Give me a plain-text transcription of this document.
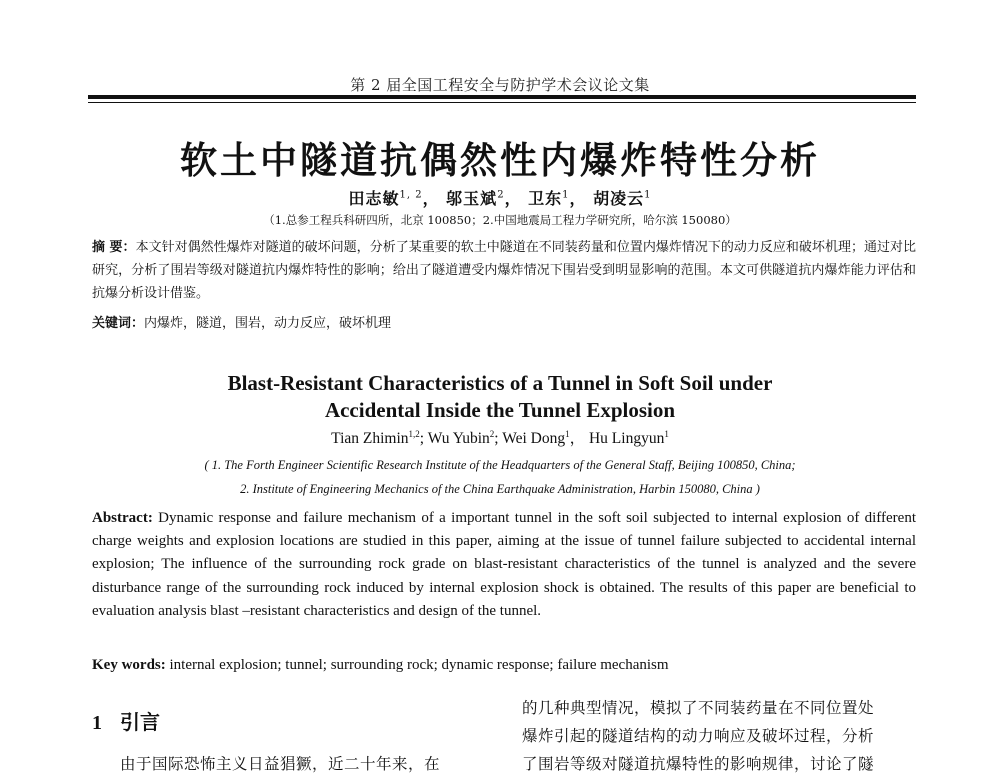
第 2 届全国工程安全与防护学术会议论文集
软土中隧道抗偶然性内爆炸特性分析
田志敏$^{1, 2}$， 邬玉斌$^2$， 卫东$^1$， 胡凌云$^1$
（1.总参工程兵科研四所，北京 100850；2.中国地震局工程力学研究所，哈尔滨 150080）
摘 要：本文针对偶然性爆炸对隧道的破坏问题，分析了某重要的软土中隧道在不同装药量和位置内爆炸情况下的动力反应和破坏机理；通过对比研究，分析了围岩等级对隧道抗内爆炸特性的影响；给出了隧道遭受内爆炸情况下围岩受到明显影响的范围。本文可供隧道抗内爆炸能力评估和抗爆分析设计借鉴。
关键词：内爆炸，隧道，围岩，动力反应，破坏机理
Blast-Resistant Characteristics of a Tunnel in Soft Soil under
Accidental Inside the Tunnel Explosion
Tian Zhimin$^{1,2}$; Wu Yubin$^2$; Wei Dong$^1$， Hu Lingyun$^1$
( 1. The Forth Engineer Scientific Research Institute of the Headquarters of the General Staff, Beijing 100850, China;
2. Institute of Engineering Mechanics of the China Earthquake Administration, Harbin 150080, China )
Abstract: Dynamic response and failure mechanism of a important tunnel in the soft soil subjected to internal explosion of different charge weights and explosion locations are studied in this paper, aiming at the issue of tunnel failure subjected to accidental internal explosion; The influence of the surrounding rock grade on blast-resistant characteristics of the tunnel is analyzed and the severe disturbance range of the surrounding rock induced by internal explosion shock is obtained. The results of this paper are beneficial to evaluation analysis blast –resistant characteristics and design of the tunnel.
Key words: internal explosion; tunnel; surrounding rock; dynamic response; failure mechanism
1 引言
由于国际恐怖主义日益猖獗，近二十年来，在
的几种典型情况，模拟了不同装药量在不同位置处
爆炸引起的隧道结构的动力响应及破坏过程，分析
了围岩等级对隧道抗爆特性的影响规律，讨论了隧
